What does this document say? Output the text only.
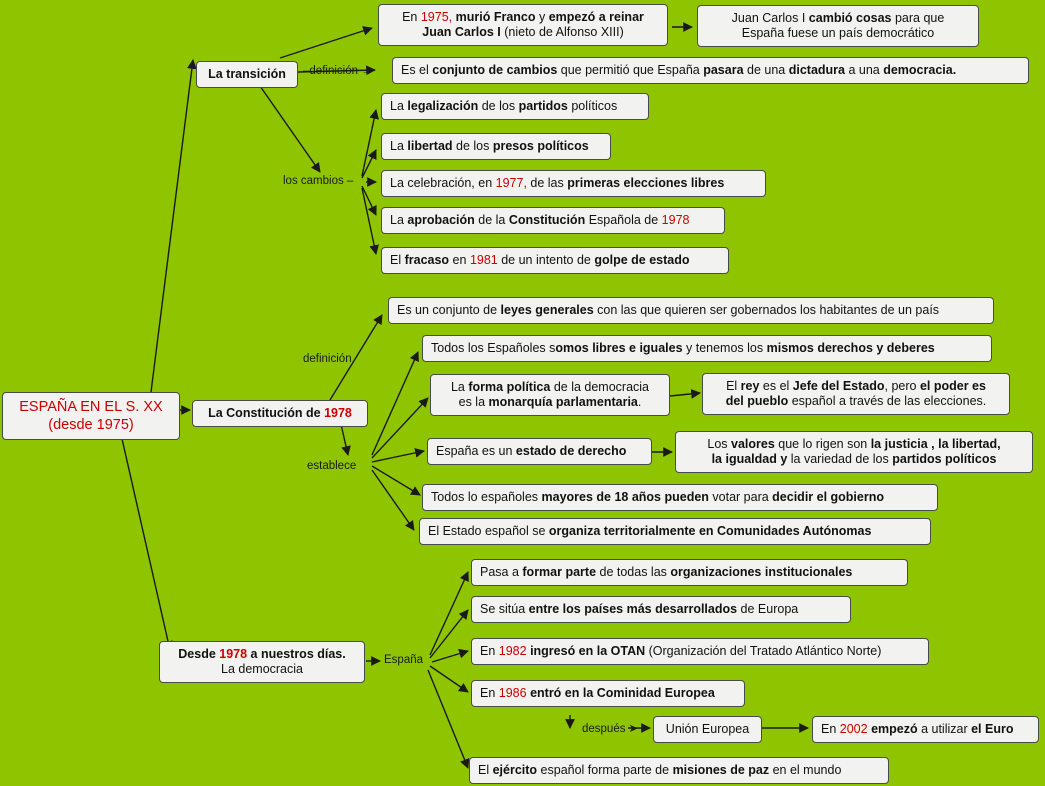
ESPAÑA EN EL S. XX
(desde 1975)
La transición	–definición →
los cambios –
Es el conjunto de cambios que permitió que España pasara de una dictadura a una democracia.
En 1975, murió Franco y empezó a reinar
Juan Carlos I (nieto de Alfonso XIII)
Juan Carlos I cambió cosas para que
España fuese un país democrático
La legalización de los partidos políticos
La libertad de los presos políticos
La celebración, en 1977, de las primeras elecciones libres
La aprobación de la Constitución Española de 1978
El fracaso en 1981 de un intento de golpe de estado
La Constitución de 1978
definición
establece
Es un conjunto de leyes generales con las que quieren ser gobernados los habitantes de un país
Todos los Españoles somos libres e iguales y tenemos los mismos derechos y deberes
La forma política de la democracia
es la monarquía parlamentaria.
El rey es el Jefe del Estado, pero el poder es
del pueblo español a través de las elecciones.
España es un estado de derecho	Los valores que lo rigen son la justicia , la libertad,
la igualdad y la variedad de los partidos políticos
Todos lo españoles mayores de 18 años pueden votar para decidir el gobierno
El Estado español se organiza territorialmente en Comunidades Autónomas
Desde 1978 a nuestros días.
La democracia
España
después ➤
Pasa a formar parte de todas las organizaciones institucionales
Se sitúa entre los países más desarrollados de Europa
En 1982 ingresó en la OTAN (Organización del Tratado Atlántico Norte)
En 1986 entró en la Cominidad Europea
Unión Europea	En 2002 empezó a utilizar el Euro
El ejército español forma parte de misiones de paz en el mundo
